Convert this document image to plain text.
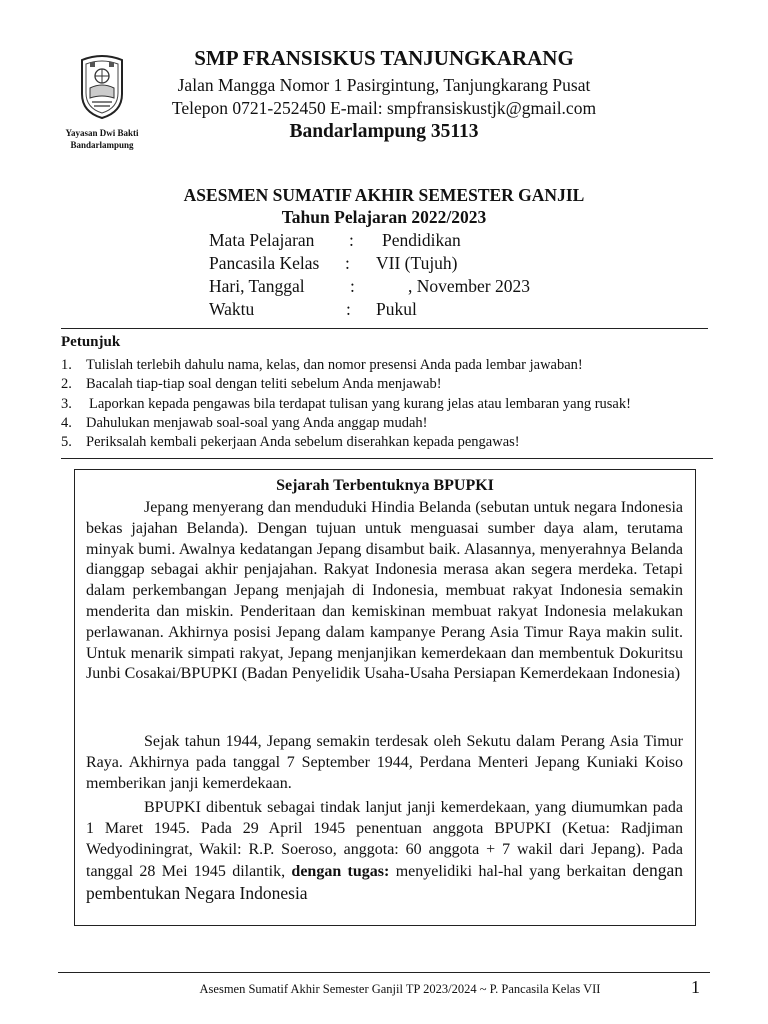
Yayasan Dwi Bakti
Bandarlampung
SMP FRANSISKUS TANJUNGKARANG
Jalan Mangga Nomor 1 Pasirgintung, Tanjungkarang Pusat
Telepon 0721-252450 E-mail: smpfransiskustjk@gmail.com
Bandarlampung 35113
ASESMEN SUMATIF AKHIR SEMESTER GANJIL
Tahun Pelajaran 2022/2023
Mata Pelajaran : Pendidikan
Pancasila Kelas : VII (Tujuh)
Hari, Tanggal	:	, November 2023
Waktu	: Pukul
Petunjuk
1. Tulislah terlebih dahulu nama, kelas, dan nomor presensi Anda pada lembar jawaban!
2. Bacalah tiap-tiap soal dengan teliti sebelum Anda menjawab!
3. Laporkan kepada pengawas bila terdapat tulisan yang kurang jelas atau lembaran yang rusak!
4. Dahulukan menjawab soal-soal yang Anda anggap mudah!
5. Periksalah kembali pekerjaan Anda sebelum diserahkan kepada pengawas!
Sejarah Terbentuknya BPUPKI

Jepang menyerang dan menduduki Hindia Belanda (sebutan untuk negara Indonesia bekas jajahan Belanda). Dengan tujuan untuk menguasai sumber daya alam, terutama minyak bumi. Awalnya kedatangan Jepang disambut baik. Alasannya, menyerahnya Belanda dianggap sebagai akhir penjajahan. Rakyat Indonesia merasa akan segera merdeka. Tetapi dalam perkembangan Jepang menjajah di Indonesia, membuat rakyat Indonesia semakin menderita dan miskin. Penderitaan dan kemiskinan membuat rakyat Indonesia melakukan perlawanan. Akhirnya posisi Jepang dalam kampanye Perang Asia Timur Raya makin sulit. Untuk menarik simpati rakyat, Jepang menjanjikan kemerdekaan dan membentuk Dokuritsu Junbi Cosakai/BPUPKI (Badan Penyelidik Usaha-Usaha Persiapan Kemerdekaan Indonesia)

Sejak tahun 1944, Jepang semakin terdesak oleh Sekutu dalam Perang Asia Timur Raya. Akhirnya pada tanggal 7 September 1944, Perdana Menteri Jepang Kuniaki Koiso memberikan janji kemerdekaan.

BPUPKI dibentuk sebagai tindak lanjut janji kemerdekaan, yang diumumkan pada 1 Maret 1945. Pada 29 April 1945 penentuan anggota BPUPKI (Ketua: Radjiman Wedyodiningrat, Wakil: R.P. Soeroso, anggota: 60 anggota + 7 wakil dari Jepang). Pada tanggal 28 Mei 1945 dilantik, dengan tugas: menyelidiki hal-hal yang berkaitan dengan pembentukan Negara Indonesia

Asesmen Sumatif Akhir Semester Ganjil TP 2023/2024 ~ P. Pancasila Kelas VII	1
